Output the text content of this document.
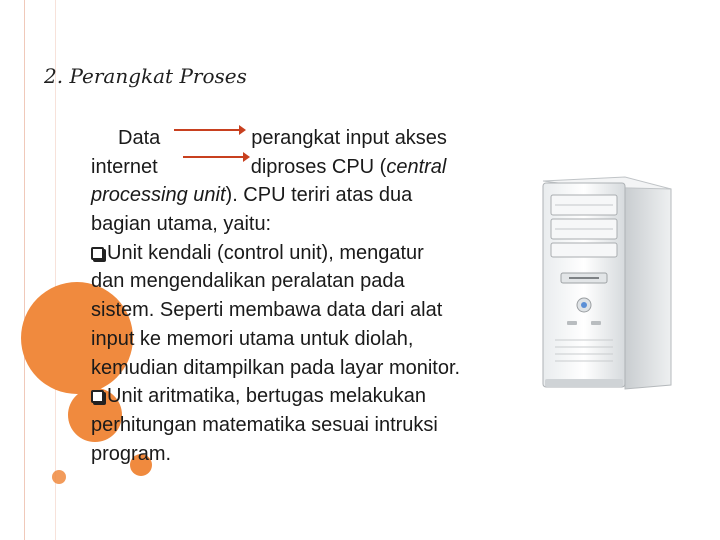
2. Perangkat Proses
Data	perangkat input akses
internet	diproses CPU (central
processing unit). CPU teriri atas dua
bagian utama, yaitu:
Unit kendali (control unit), mengatur
dan mengendalikan peralatan pada
sistem. Seperti membawa data dari alat
input ke memori utama untuk diolah,
kemudian ditampilkan pada layar monitor.
Unit aritmatika, bertugas melakukan
perhitungan matematika sesuai intruksi
program.
